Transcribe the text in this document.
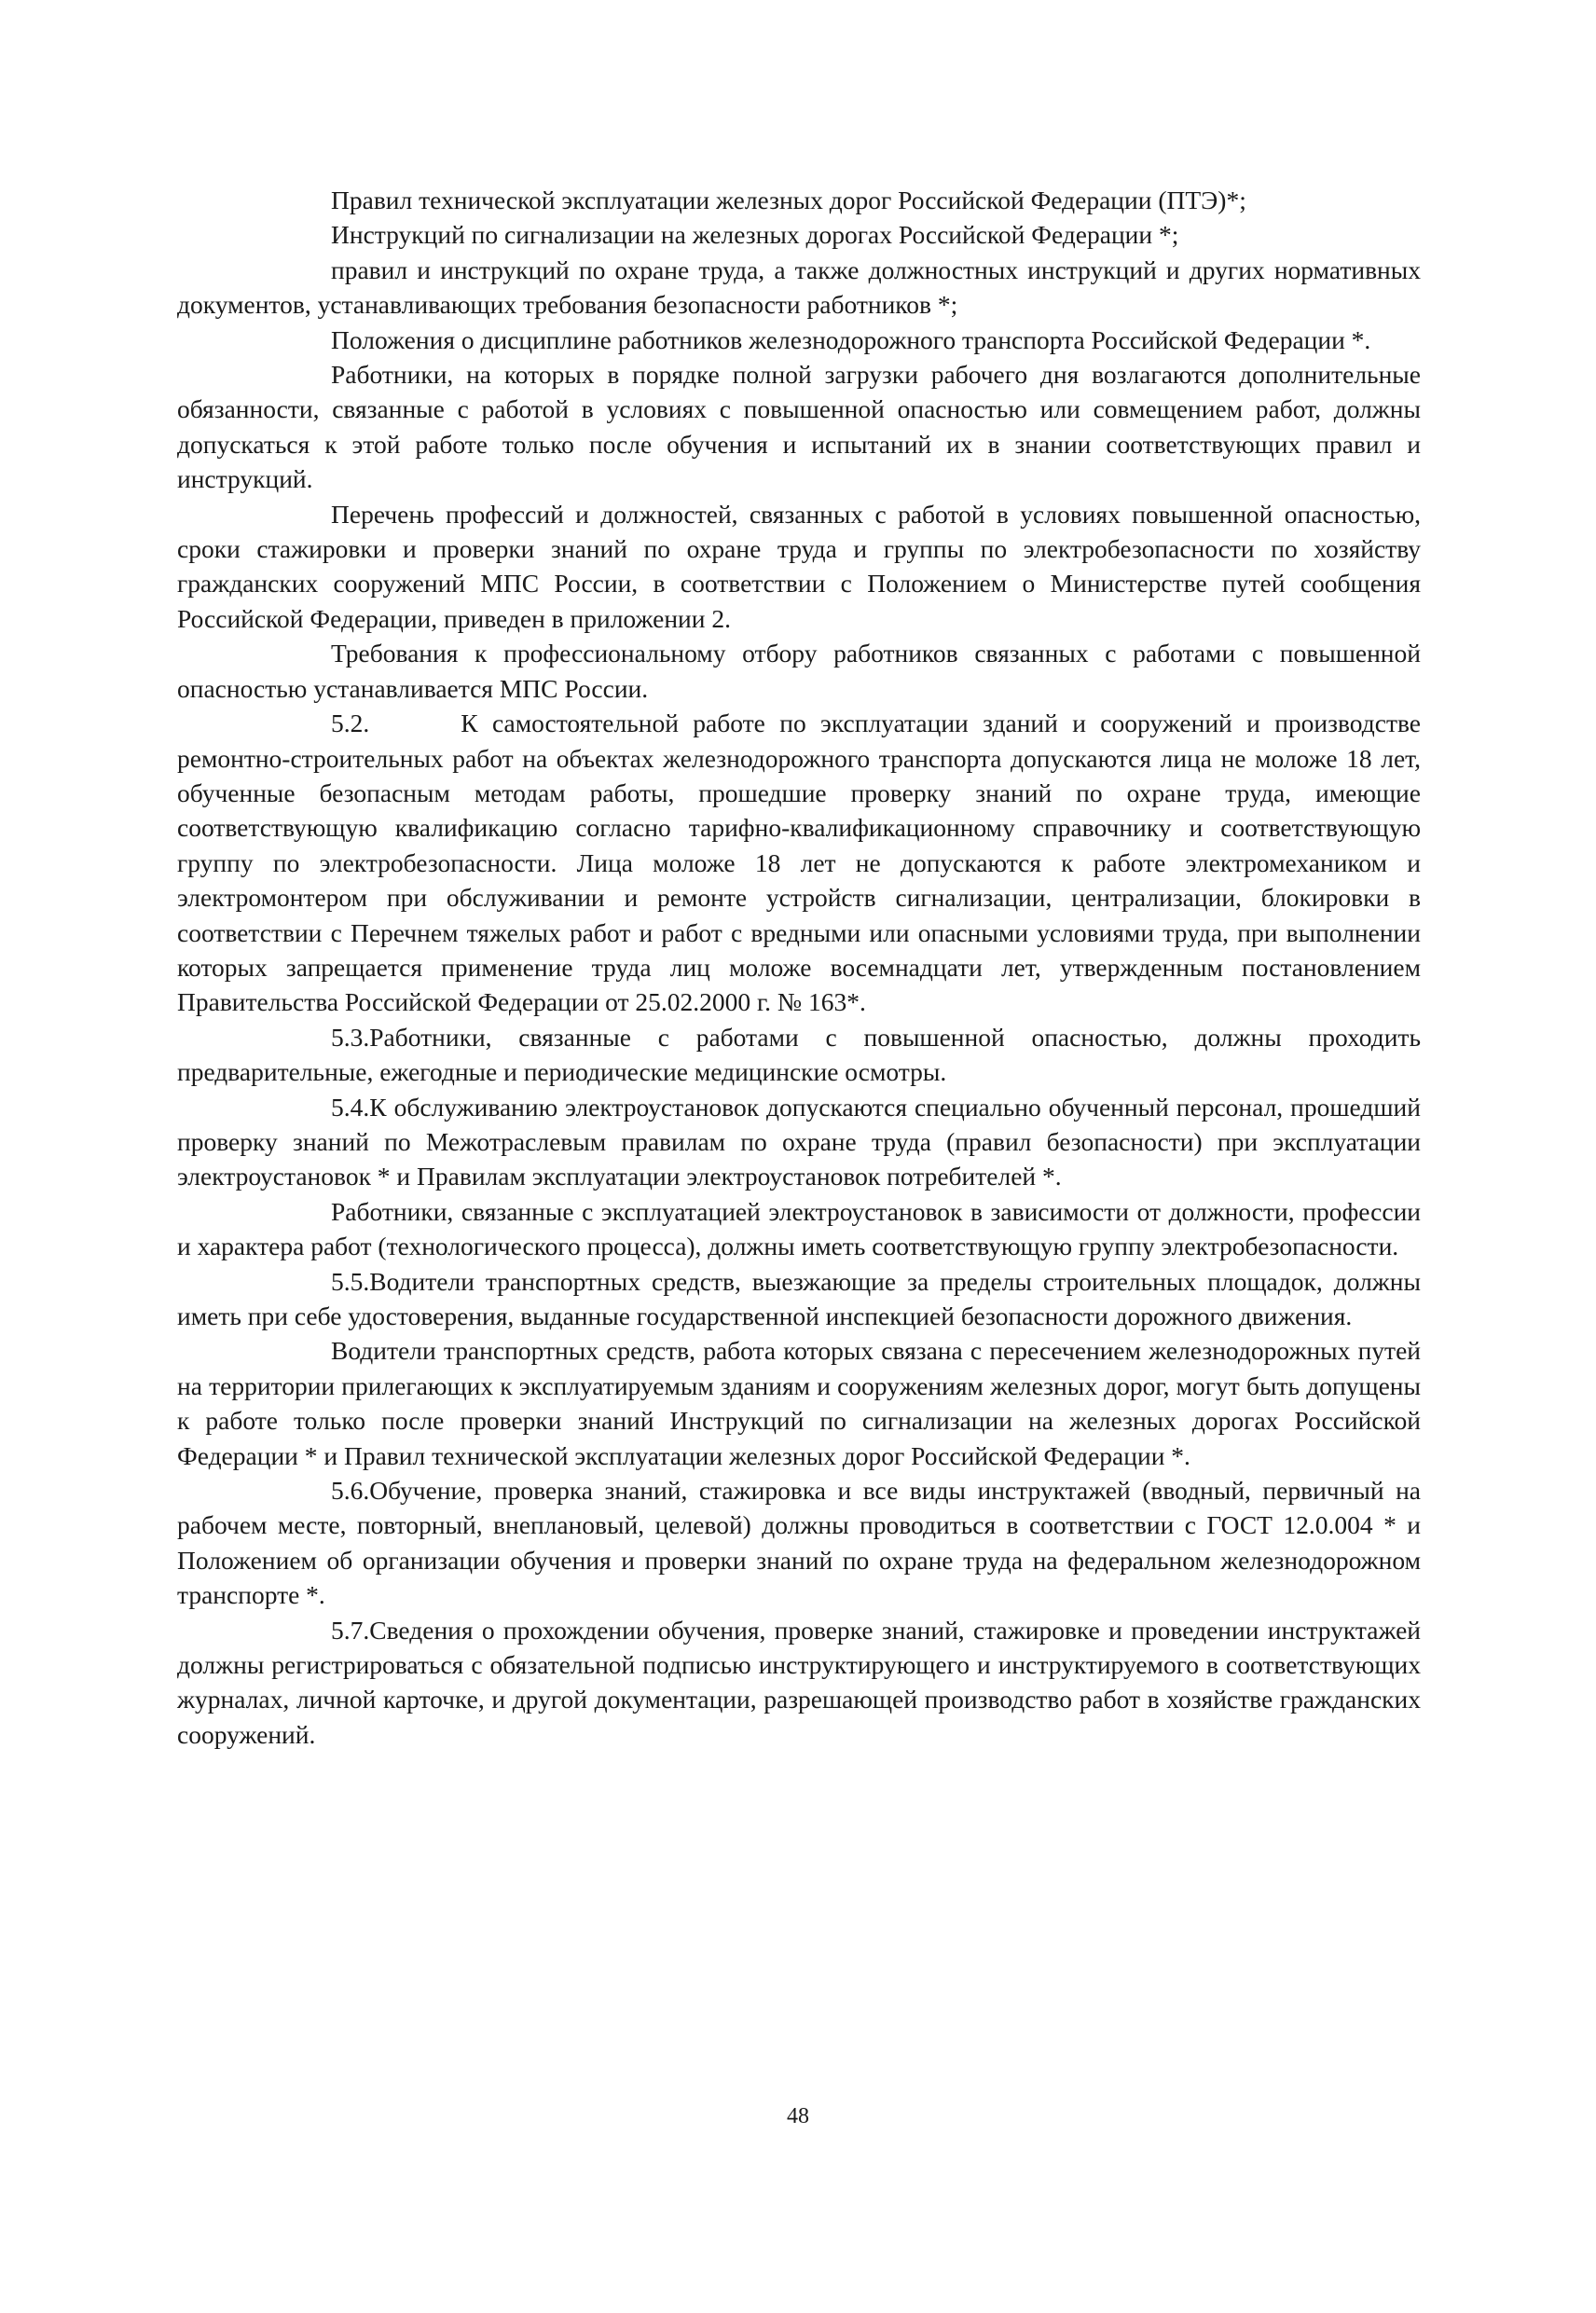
Правил технической эксплуатации железных дорог Российской Федерации (ПТЭ)*;

Инструкций по сигнализации на железных дорогах Российской Федерации *;

правил и инструкций по охране труда, а также должностных инструкций и других нормативных документов, устанавливающих требования безопасности работников *;

Положения о дисциплине работников железнодорожного транспорта Российской Федерации *.

Работники, на которых в порядке полной загрузки рабочего дня возлагаются дополнительные обязанности, связанные с работой в условиях с повышенной опасностью или совмещением работ, должны допускаться к этой работе только после обучения и испытаний их в знании соответствующих правил и инструкций.

Перечень профессий и должностей, связанных с работой в условиях повышенной опасностью, сроки стажировки и проверки знаний по охране труда и группы по электробезопасности по хозяйству гражданских сооружений МПС России, в соответствии с Положением о Министерстве путей сообщения Российской Федерации, приведен в приложении 2.

Требования к профессиональному отбору работников связанных с работами с повышенной опасностью устанавливается МПС России.

5.2.	К самостоятельной работе по эксплуатации зданий и сооружений и производстве ремонтно-строительных работ на объектах железнодорожного транспорта допускаются лица не моложе 18 лет, обученные безопасным методам работы, прошедшие проверку знаний по охране труда, имеющие соответствующую квалификацию согласно тарифно-квалификационному справочнику и соответствующую группу по электробезопасности. Лица моложе 18 лет не допускаются к работе электромехаником и электромонтером при обслуживании и ремонте устройств сигнализации, централизации, блокировки в соответствии с Перечнем тяжелых работ и работ с вредными или опасными условиями труда, при выполнении которых запрещается применение труда лиц моложе восемнадцати лет, утвержденным постановлением Правительства Российской Федерации от 25.02.2000 г. № 163*.

5.3.Работники, связанные с работами с повышенной опасностью, должны проходить предварительные, ежегодные и периодические медицинские осмотры.

5.4.К обслуживанию электроустановок допускаются специально обученный персонал, прошедший проверку знаний по Межотраслевым правилам по охране труда (правил безопасности) при эксплуатации электроустановок * и Правилам эксплуатации электроустановок потребителей *.

Работники, связанные с эксплуатацией электроустановок в зависимости от должности, профессии и характера работ (технологического процесса), должны иметь соответствующую группу электробезопасности.

5.5.Водители транспортных средств, выезжающие за пределы строительных площадок, должны иметь при себе удостоверения, выданные государственной инспекцией безопасности дорожного движения.

Водители транспортных средств, работа которых связана с пересечением железнодорожных путей на территории прилегающих к эксплуатируемым зданиям и сооружениям железных дорог, могут быть допущены к работе только после проверки знаний Инструкций по сигнализации на железных дорогах Российской Федерации * и Правил технической эксплуатации железных дорог Российской Федерации *.

5.6.Обучение, проверка знаний, стажировка и все виды инструктажей (вводный, первичный на рабочем месте, повторный, внеплановый, целевой) должны проводиться в соответствии с ГОСТ 12.0.004 * и Положением об организации обучения и проверки знаний по охране труда на федеральном железнодорожном транспорте *.

5.7.Сведения о прохождении обучения, проверке знаний, стажировке и проведении инструктажей должны регистрироваться с обязательной подписью инструктирующего и инструктируемого в соответствующих журналах, личной карточке, и другой документации, разрешающей производство работ в хозяйстве гражданских сооружений.

48
